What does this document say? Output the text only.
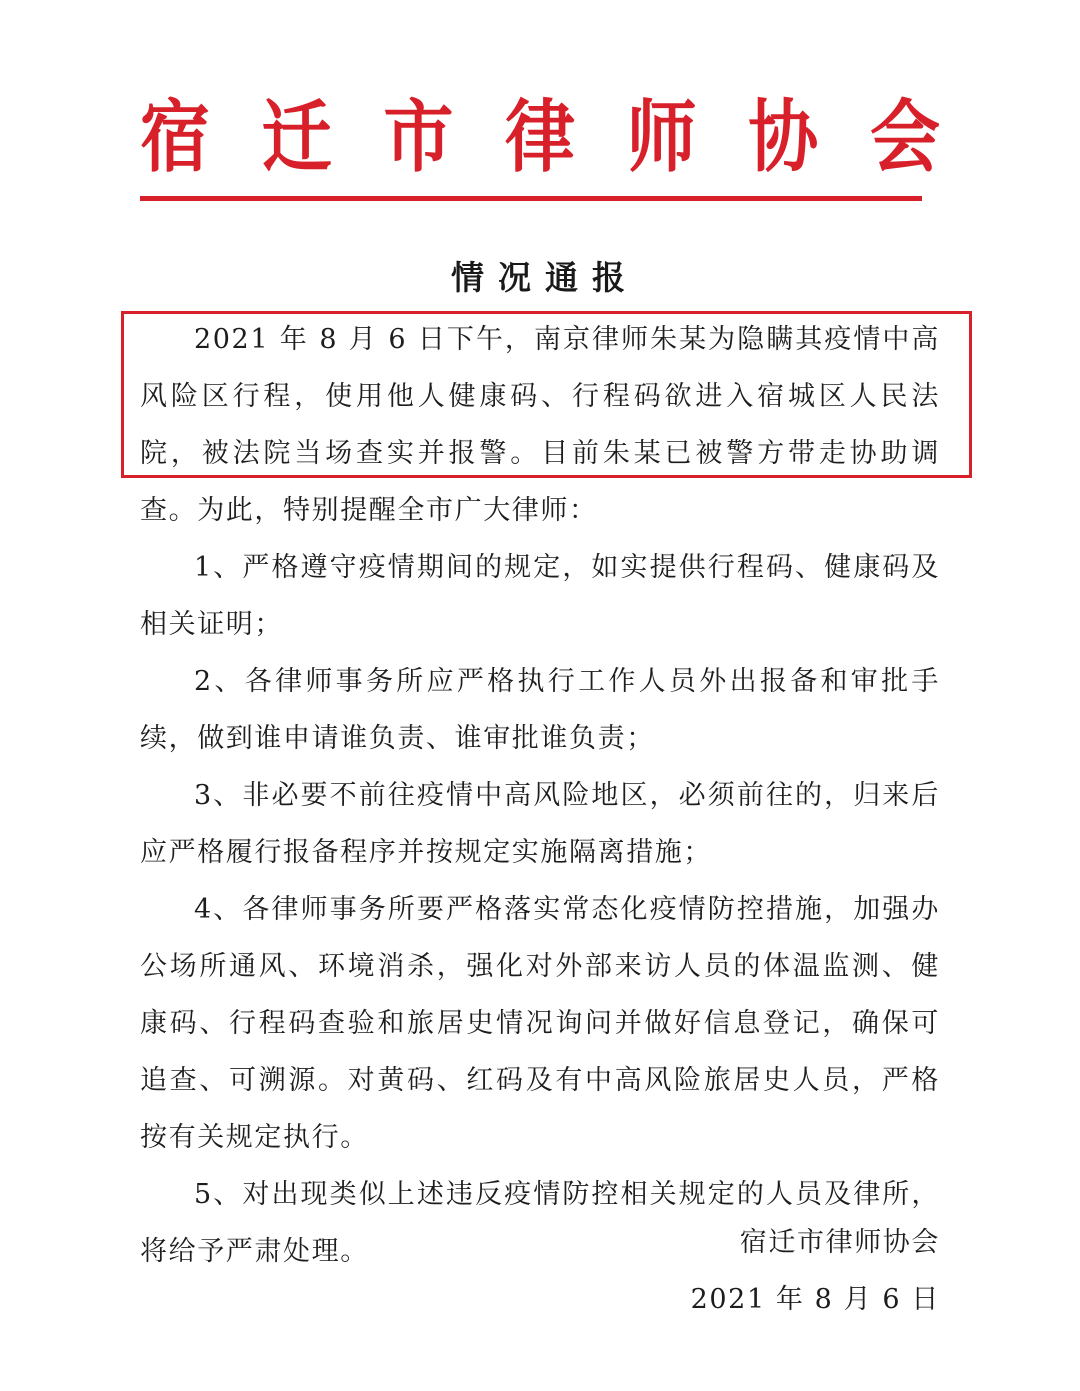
宿 迁 市 律 师 协 会
情况通报

2021 年 8 月 6 日下午，南京律师朱某为隐瞒其疫情中高风险区行程，使用他人健康码、行程码欲进入宿城区人民法院，被法院当场查实并报警。目前朱某已被警方带走协助调查。为此，特别提醒全市广大律师：

1、严格遵守疫情期间的规定，如实提供行程码、健康码及相关证明；

2、各律师事务所应严格执行工作人员外出报备和审批手续，做到谁申请谁负责、谁审批谁负责；

3、非必要不前往疫情中高风险地区，必须前往的，归来后应严格履行报备程序并按规定实施隔离措施；

4、各律师事务所要严格落实常态化疫情防控措施，加强办公场所通风、环境消杀，强化对外部来访人员的体温监测、健康码、行程码查验和旅居史情况询问并做好信息登记，确保可追查、可溯源。对黄码、红码及有中高风险旅居史人员，严格按有关规定执行。

5、对出现类似上述违反疫情防控相关规定的人员及律所，将给予严肃处理。	宿迁市律师协会
2021 年 8 月 6 日
